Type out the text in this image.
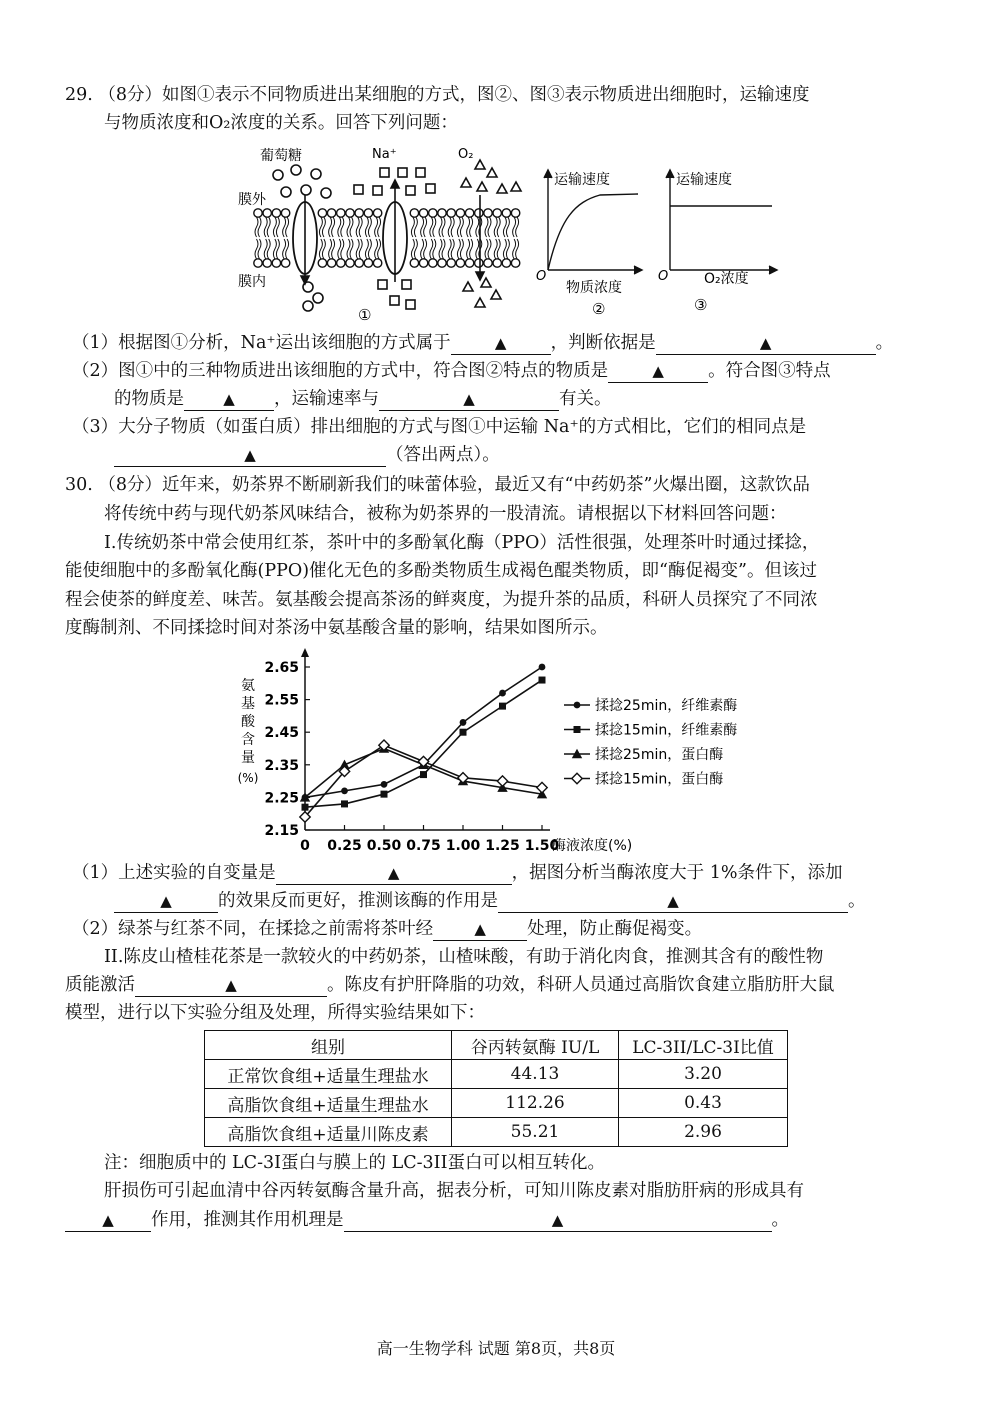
29. （8分）如图①表示不同物质进出某细胞的方式，图②、图③表示物质进出细胞时，运输速度
与物质浓度和O₂浓度的关系。回答下列问题：
葡萄糖	Na⁺	O₂
膜外
膜内
①
运输速度
O
物质浓度
②
运输速度
O	O₂浓度
③
（1）根据图①分析，Na⁺运出该细胞的方式属于	▲	，判断依据是	▲	。
（2）图①中的三种物质进出该细胞的方式中，符合图②特点的物质是	▲	。符合图③特点
的物质是	▲ ，运输速率与	▲	有关。
（3）大分子物质（如蛋白质）排出细胞的方式与图①中运输 Na⁺的方式相比，它们的相同点是
▲	（答出两点）。
30. （8分）近年来，奶茶界不断刷新我们的味蕾体验，最近又有“中药奶茶”火爆出圈，这款饮品
将传统中药与现代奶茶风味结合，被称为奶茶界的一股清流。请根据以下材料回答问题：
I.传统奶茶中常会使用红茶，茶叶中的多酚氧化酶（PPO）活性很强，处理茶叶时通过揉捻，
能使细胞中的多酚氧化酶(PPO)催化无色的多酚类物质生成褐色醌类物质，即“酶促褐变”。但该过
程会使茶的鲜度差、味苦。氨基酸会提高茶汤的鲜爽度，为提升茶的品质，科研人员探究了不同浓
度酶制剂、不同揉捻时间对茶汤中氨基酸含量的影响，结果如图所示。
2.15
2.25
2.35
2.45
2.55
2.65
0 0.25 0.50 0.75 1.00 1.25 1.50
氨基酸含量(%)
酶液浓度(%)
揉捻25min，纤维素酶
揉捻15min，纤维素酶
揉捻25min，蛋白酶
揉捻15min，蛋白酶
（1）上述实验的自变量是	▲	，据图分析当酶浓度大于 1%条件下，添加
▲	的效果反而更好，推测该酶的作用是	▲	。
（2）绿茶与红茶不同，在揉捻之前需将茶叶经	▲ 处理，防止酶促褐变。
II.陈皮山楂桂花茶是一款较火的中药奶茶，山楂味酸，有助于消化肉食，推测其含有的酸性物
质能激活	▲	。陈皮有护肝降脂的功效，科研人员通过高脂饮食建立脂肪肝大鼠
模型，进行以下实验分组及处理，所得实验结果如下：
组别	谷丙转氨酶 IU/L	LC-3II/LC-3I比值
正常饮食组+适量生理盐水	44.13	3.20
高脂饮食组+适量生理盐水	112.26	0.43
高脂饮食组+适量川陈皮素	55.21	2.96
注：细胞质中的 LC-3I蛋白与膜上的 LC-3II蛋白可以相互转化。
肝损伤可引起血清中谷丙转氨酶含量升高，据表分析，可知川陈皮素对脂肪肝病的形成具有
▲ 作用，推测其作用机理是	▲	。
高一生物学科 试题 第8页，共8页
